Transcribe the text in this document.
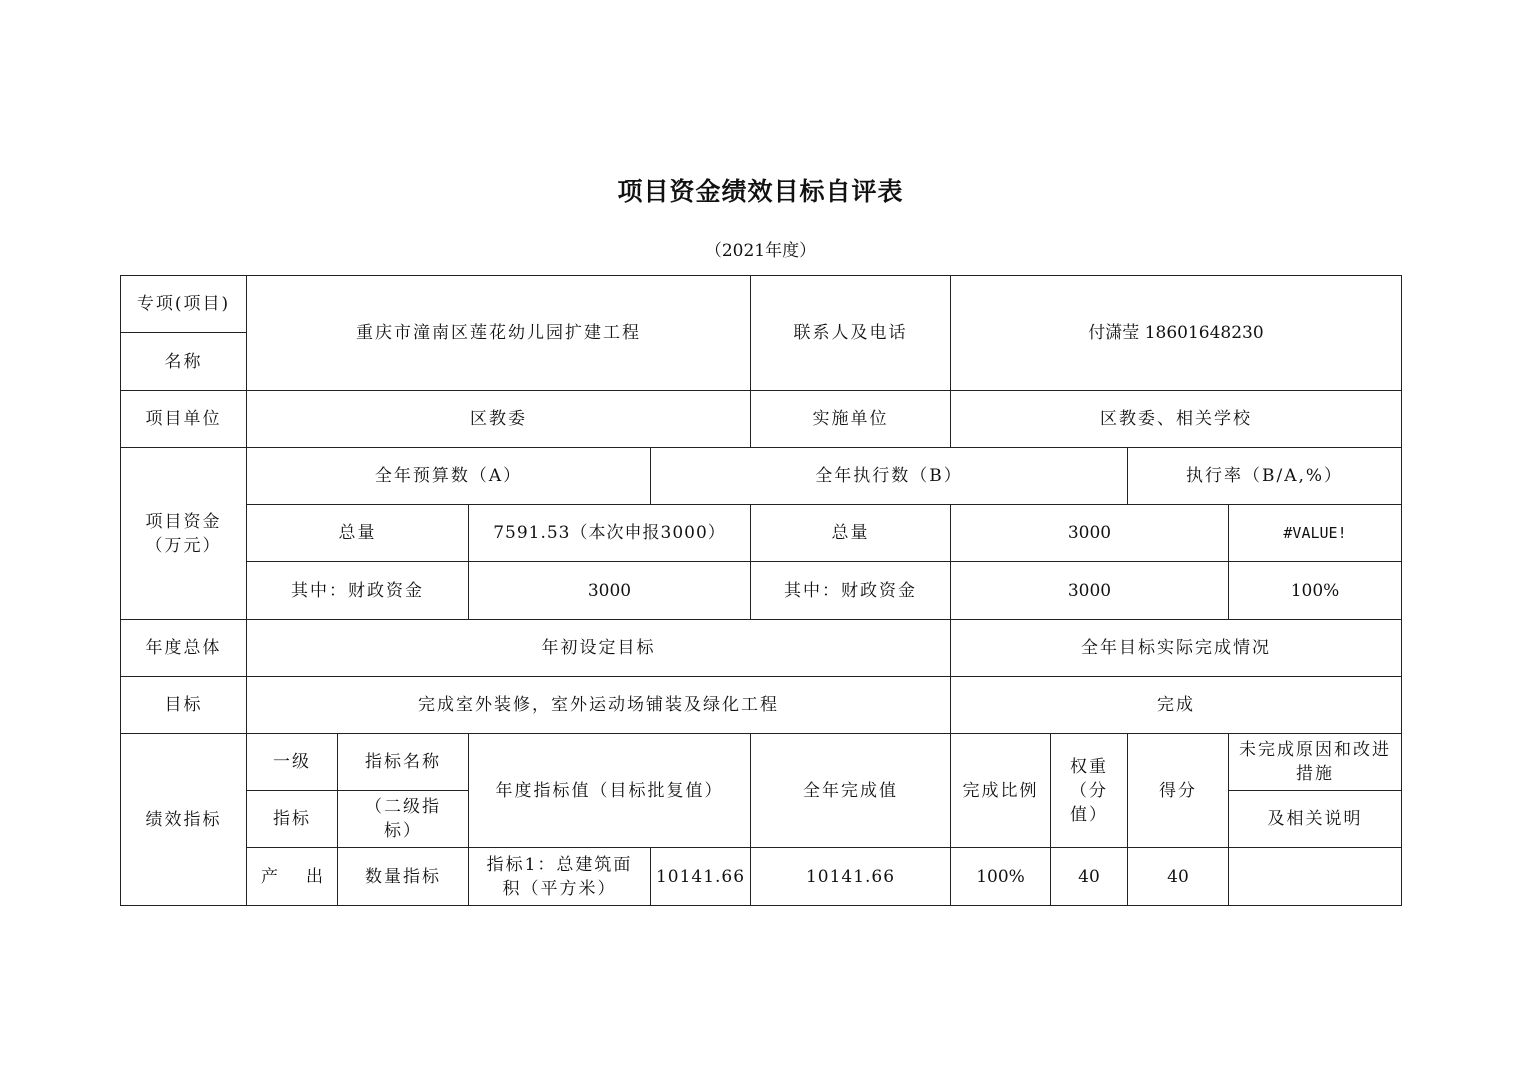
项目资金绩效目标自评表
（2021年度）
专项(项目)	重庆市潼南区莲花幼儿园扩建工程				联系人及电话	付潇莹 18601648230			
名称									
项目单位	区教委				实施单位	区教委、相关学校			
项目资金（万元）	全年预算数（A）			全年执行数（B）				执行率（B/A,%）	
	总量		7591.53（本次申报3000）		总量	3000			#VALUE!
	其中：财政资金		3000		其中：财政资金	3000			100%
年度总体	年初设定目标					全年目标实际完成情况			
目标	完成室外装修，室外运动场铺装及绿化工程					完成			
绩效指标	一级	指标名称	年度指标值（目标批复值）		全年完成值	完成比例	权重（分值）	得分	未完成原因和改进措施
	指标	（二级指标）							及相关说明

	产 出	数量指标	指标1：总建筑面积（平方米）	10141.66	10141.66	100%	40	40	
